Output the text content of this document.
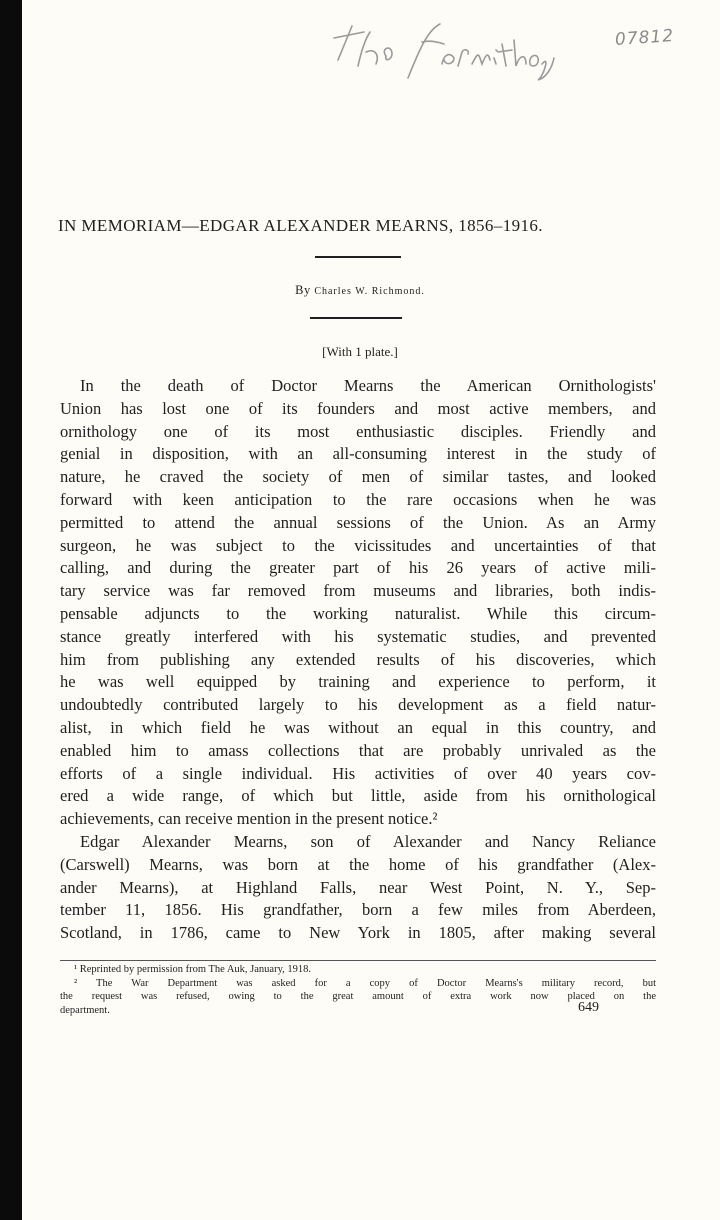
07812
IN MEMORIAM—EDGAR ALEXANDER MEARNS, 1856–1916.
By Charles W. Richmond.
[With 1 plate.]
In the death of Doctor Mearns the American Ornithologists'
Union has lost one of its founders and most active members, and
ornithology one of its most enthusiastic disciples. Friendly and
genial in disposition, with an all-consuming interest in the study of
nature, he craved the society of men of similar tastes, and looked
forward with keen anticipation to the rare occasions when he was
permitted to attend the annual sessions of the Union. As an Army
surgeon, he was subject to the vicissitudes and uncertainties of that
calling, and during the greater part of his 26 years of active mili-
tary service was far removed from museums and libraries, both indis-
pensable adjuncts to the working naturalist. While this circum-
stance greatly interfered with his systematic studies, and prevented
him from publishing any extended results of his discoveries, which
he was well equipped by training and experience to perform, it
undoubtedly contributed largely to his development as a field natur-
alist, in which field he was without an equal in this country, and
enabled him to amass collections that are probably unrivaled as the
efforts of a single individual. His activities of over 40 years cov-
ered a wide range, of which but little, aside from his ornithological
achievements, can receive mention in the present notice.²
Edgar Alexander Mearns, son of Alexander and Nancy Reliance
(Carswell) Mearns, was born at the home of his grandfather (Alex-
ander Mearns), at Highland Falls, near West Point, N. Y., Sep-
tember 11, 1856. His grandfather, born a few miles from Aberdeen,
Scotland, in 1786, came to New York in 1805, after making several
¹ Reprinted by permission from The Auk, January, 1918.
² The War Department was asked for a copy of Doctor Mearns's military record, but
the request was refused, owing to the great amount of extra work now placed on the
department.	649
